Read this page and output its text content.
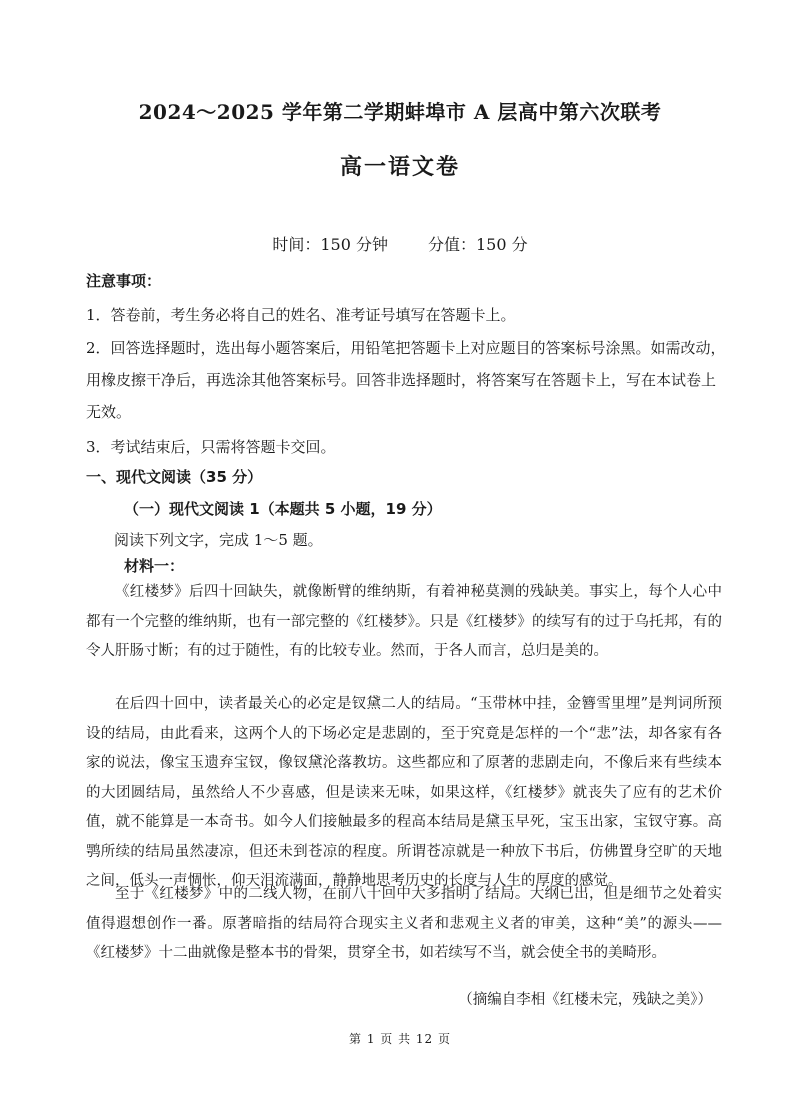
2024～2025 学年第二学期蚌埠市 A 层高中第六次联考
高一语文卷
时间：150 分钟	分值：150 分
注意事项：
1．答卷前，考生务必将自己的姓名、准考证号填写在答题卡上。
2．回答选择题时，选出每小题答案后，用铅笔把答题卡上对应题目的答案标号涂黑。如需改动，用橡皮擦干净后，再选涂其他答案标号。回答非选择题时，将答案写在答题卡上，写在本试卷上无效。
3．考试结束后，只需将答题卡交回。
一、现代文阅读（35 分）
（一）现代文阅读 1（本题共 5 小题，19 分）
阅读下列文字，完成 1～5 题。
材料一：
《红楼梦》后四十回缺失，就像断臂的维纳斯，有着神秘莫测的残缺美。事实上，每个人心中都有一个完整的维纳斯，也有一部完整的《红楼梦》。只是《红楼梦》的续写有的过于乌托邦，有的令人肝肠寸断；有的过于随性，有的比较专业。然而，于各人而言，总归是美的。
在后四十回中，读者最关心的必定是钗黛二人的结局。“玉带林中挂，金簪雪里埋”是判词所预设的结局，由此看来，这两个人的下场必定是悲剧的，至于究竟是怎样的一个“悲”法，却各家有各家的说法，像宝玉遗弃宝钗，像钗黛沦落教坊。这些都应和了原著的悲剧走向，不像后来有些续本的大团圆结局，虽然给人不少喜感，但是读来无味，如果这样，《红楼梦》就丧失了应有的艺术价值，就不能算是一本奇书。如今人们接触最多的程高本结局是黛玉早死，宝玉出家，宝钗守寡。高鹗所续的结局虽然凄凉，但还未到苍凉的程度。所谓苍凉就是一种放下书后，仿佛置身空旷的天地之间，低头一声惆怅，仰天泪流满面，静静地思考历史的长度与人生的厚度的感觉。
至于《红楼梦》中的二线人物，在前八十回中大多指明了结局。大纲已出，但是细节之处着实值得遐想创作一番。原著暗指的结局符合现实主义者和悲观主义者的审美，这种“美”的源头——《红楼梦》十二曲就像是整本书的骨架，贯穿全书，如若续写不当，就会使全书的美畸形。
（摘编自李相《红楼未完，残缺之美》）
第 1 页 共 12 页
